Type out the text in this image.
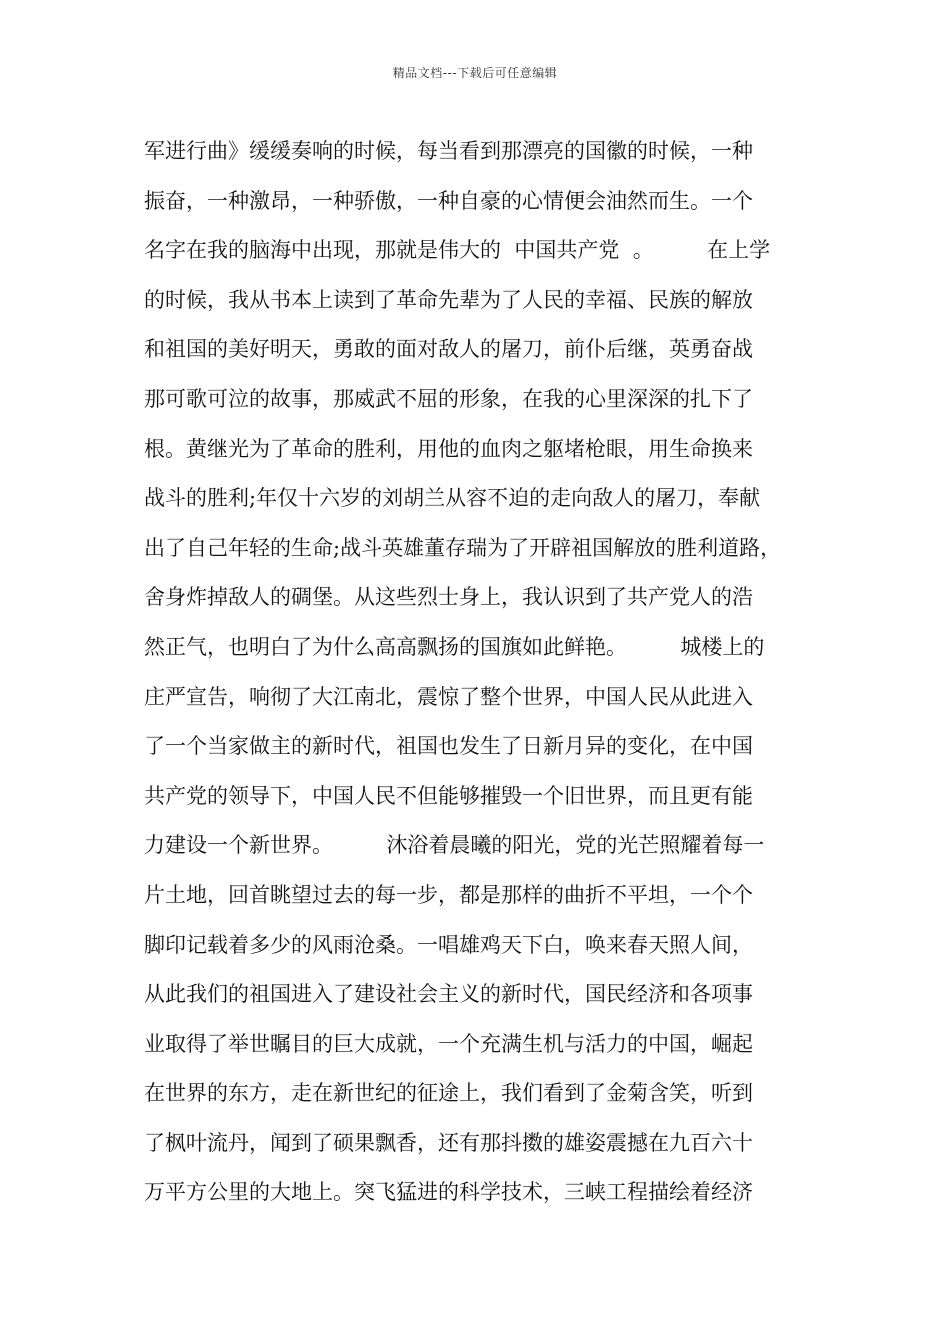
精品文档---下载后可任意编辑
军进行曲》缓缓奏响的时候，每当看到那漂亮的国徽的时候，一种
振奋，一种激昂，一种骄傲，一种自豪的心情便会油然而生。一个
名字在我的脑海中出现，那就是伟大的  中国共产党  。        在上学
的时候，我从书本上读到了革命先辈为了人民的幸福、民族的解放
和祖国的美好明天，勇敢的面对敌人的屠刀，前仆后继，英勇奋战
那可歌可泣的故事，那威武不屈的形象，在我的心里深深的扎下了
根。黄继光为了革命的胜利，用他的血肉之躯堵枪眼，用生命换来
战斗的胜利;年仅十六岁的刘胡兰从容不迫的走向敌人的屠刀，奉献
出了自己年轻的生命;战斗英雄董存瑞为了开辟祖国解放的胜利道路，
舍身炸掉敌人的碉堡。从这些烈士身上，我认识到了共产党人的浩
然正气，也明白了为什么高高飘扬的国旗如此鲜艳。        城楼上的
庄严宣告，响彻了大江南北，震惊了整个世界，中国人民从此进入
了一个当家做主的新时代，祖国也发生了日新月异的变化，在中国
共产党的领导下，中国人民不但能够摧毁一个旧世界，而且更有能
力建设一个新世界。        沐浴着晨曦的阳光，党的光芒照耀着每一
片土地，回首眺望过去的每一步，都是那样的曲折不平坦，一个个
脚印记载着多少的风雨沧桑。一唱雄鸡天下白，唤来春天照人间，
从此我们的祖国进入了建设社会主义的新时代，国民经济和各项事
业取得了举世瞩目的巨大成就，一个充满生机与活力的中国，崛起
在世界的东方，走在新世纪的征途上，我们看到了金菊含笑，听到
了枫叶流丹，闻到了硕果飘香，还有那抖擞的雄姿震撼在九百六十
万平方公里的大地上。突飞猛进的科学技术，三峡工程描绘着经济
